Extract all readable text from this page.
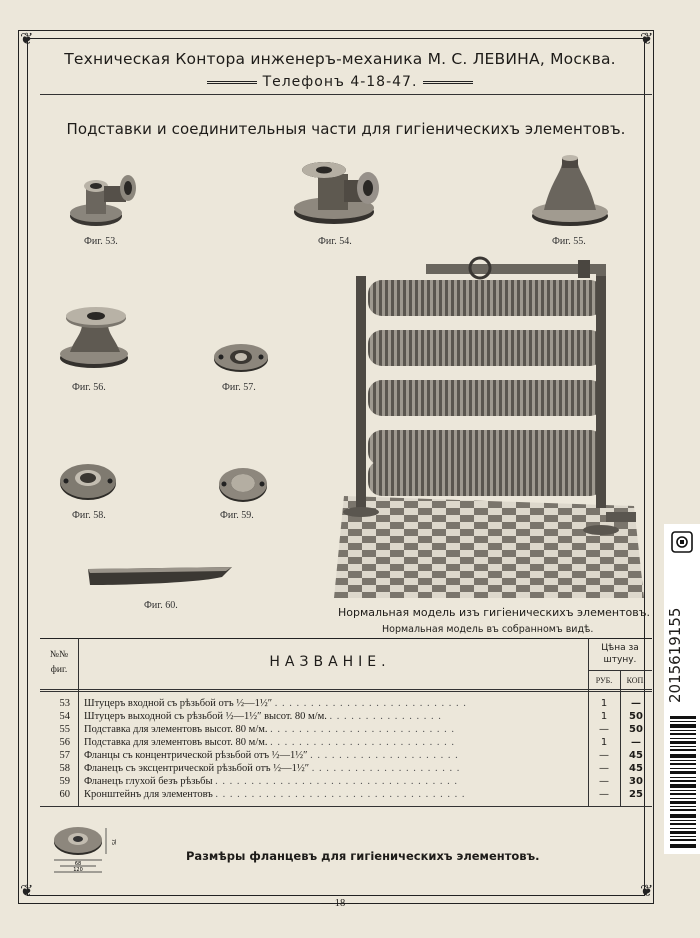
❦	❦
❦	❦
Техническая Контора инженеръ-механика М. С. ЛЕВИНА, Москва.
Телефонъ 4-18-47.
Подставки и соединительныя части для гигіеническихъ элементовъ.
Фиг. 53.	Фиг. 54.	Фиг. 55.
Фиг. 56.	Фиг. 57.
Фиг. 58.	Фиг. 59.
Фиг. 60.
Нормальная модель изъ гигіеническихъ элементовъ.
Нормальная модель въ собранномъ видѣ.
№№ фиг.	НАЗВАНІЕ.
Цѣна за штуну.
РУБ.	КОП.
53 Штуцеръ входной съ рѣзьбой отъ ½—1½″ . . . . . . . . . . . . . . . . . . . . . . . . . . .	1	—
54 Штуцеръ выходной съ рѣзьбой ½—1½″ высот. 80 м/м. . . . . . . . . . . . . . . . .	1	50
55 Подставка для элементовъ высот. 80 м/м. . . . . . . . . . . . . . . . . . . . . . . . . . .	—	50
56 Подставка для элементовъ высот. 80 м/м. . . . . . . . . . . . . . . . . . . . . . . . . . .	1	—
57 Фланцы съ концентрической рѣзьбой отъ ½—1½″ . . . . . . . . . . . . . . . . . . . . .	—	45
58 Фланецъ съ эксцентрической рѣзьбой отъ ½—1½″ . . . . . . . . . . . . . . . . . . . . .	—	45
59 Фланецъ глухой безъ рѣзьбы . . . . . . . . . . . . . . . . . . . . . . . . . . . . . . . . . .	—	30
60 Кронштейнъ для элементовъ . . . . . . . . . . . . . . . . . . . . . . . . . . . . . . . . . . .	—	25
68
120
75
Размѣры фланцевъ для гигіеническихъ элементовъ.
— 18 —
2015619155
